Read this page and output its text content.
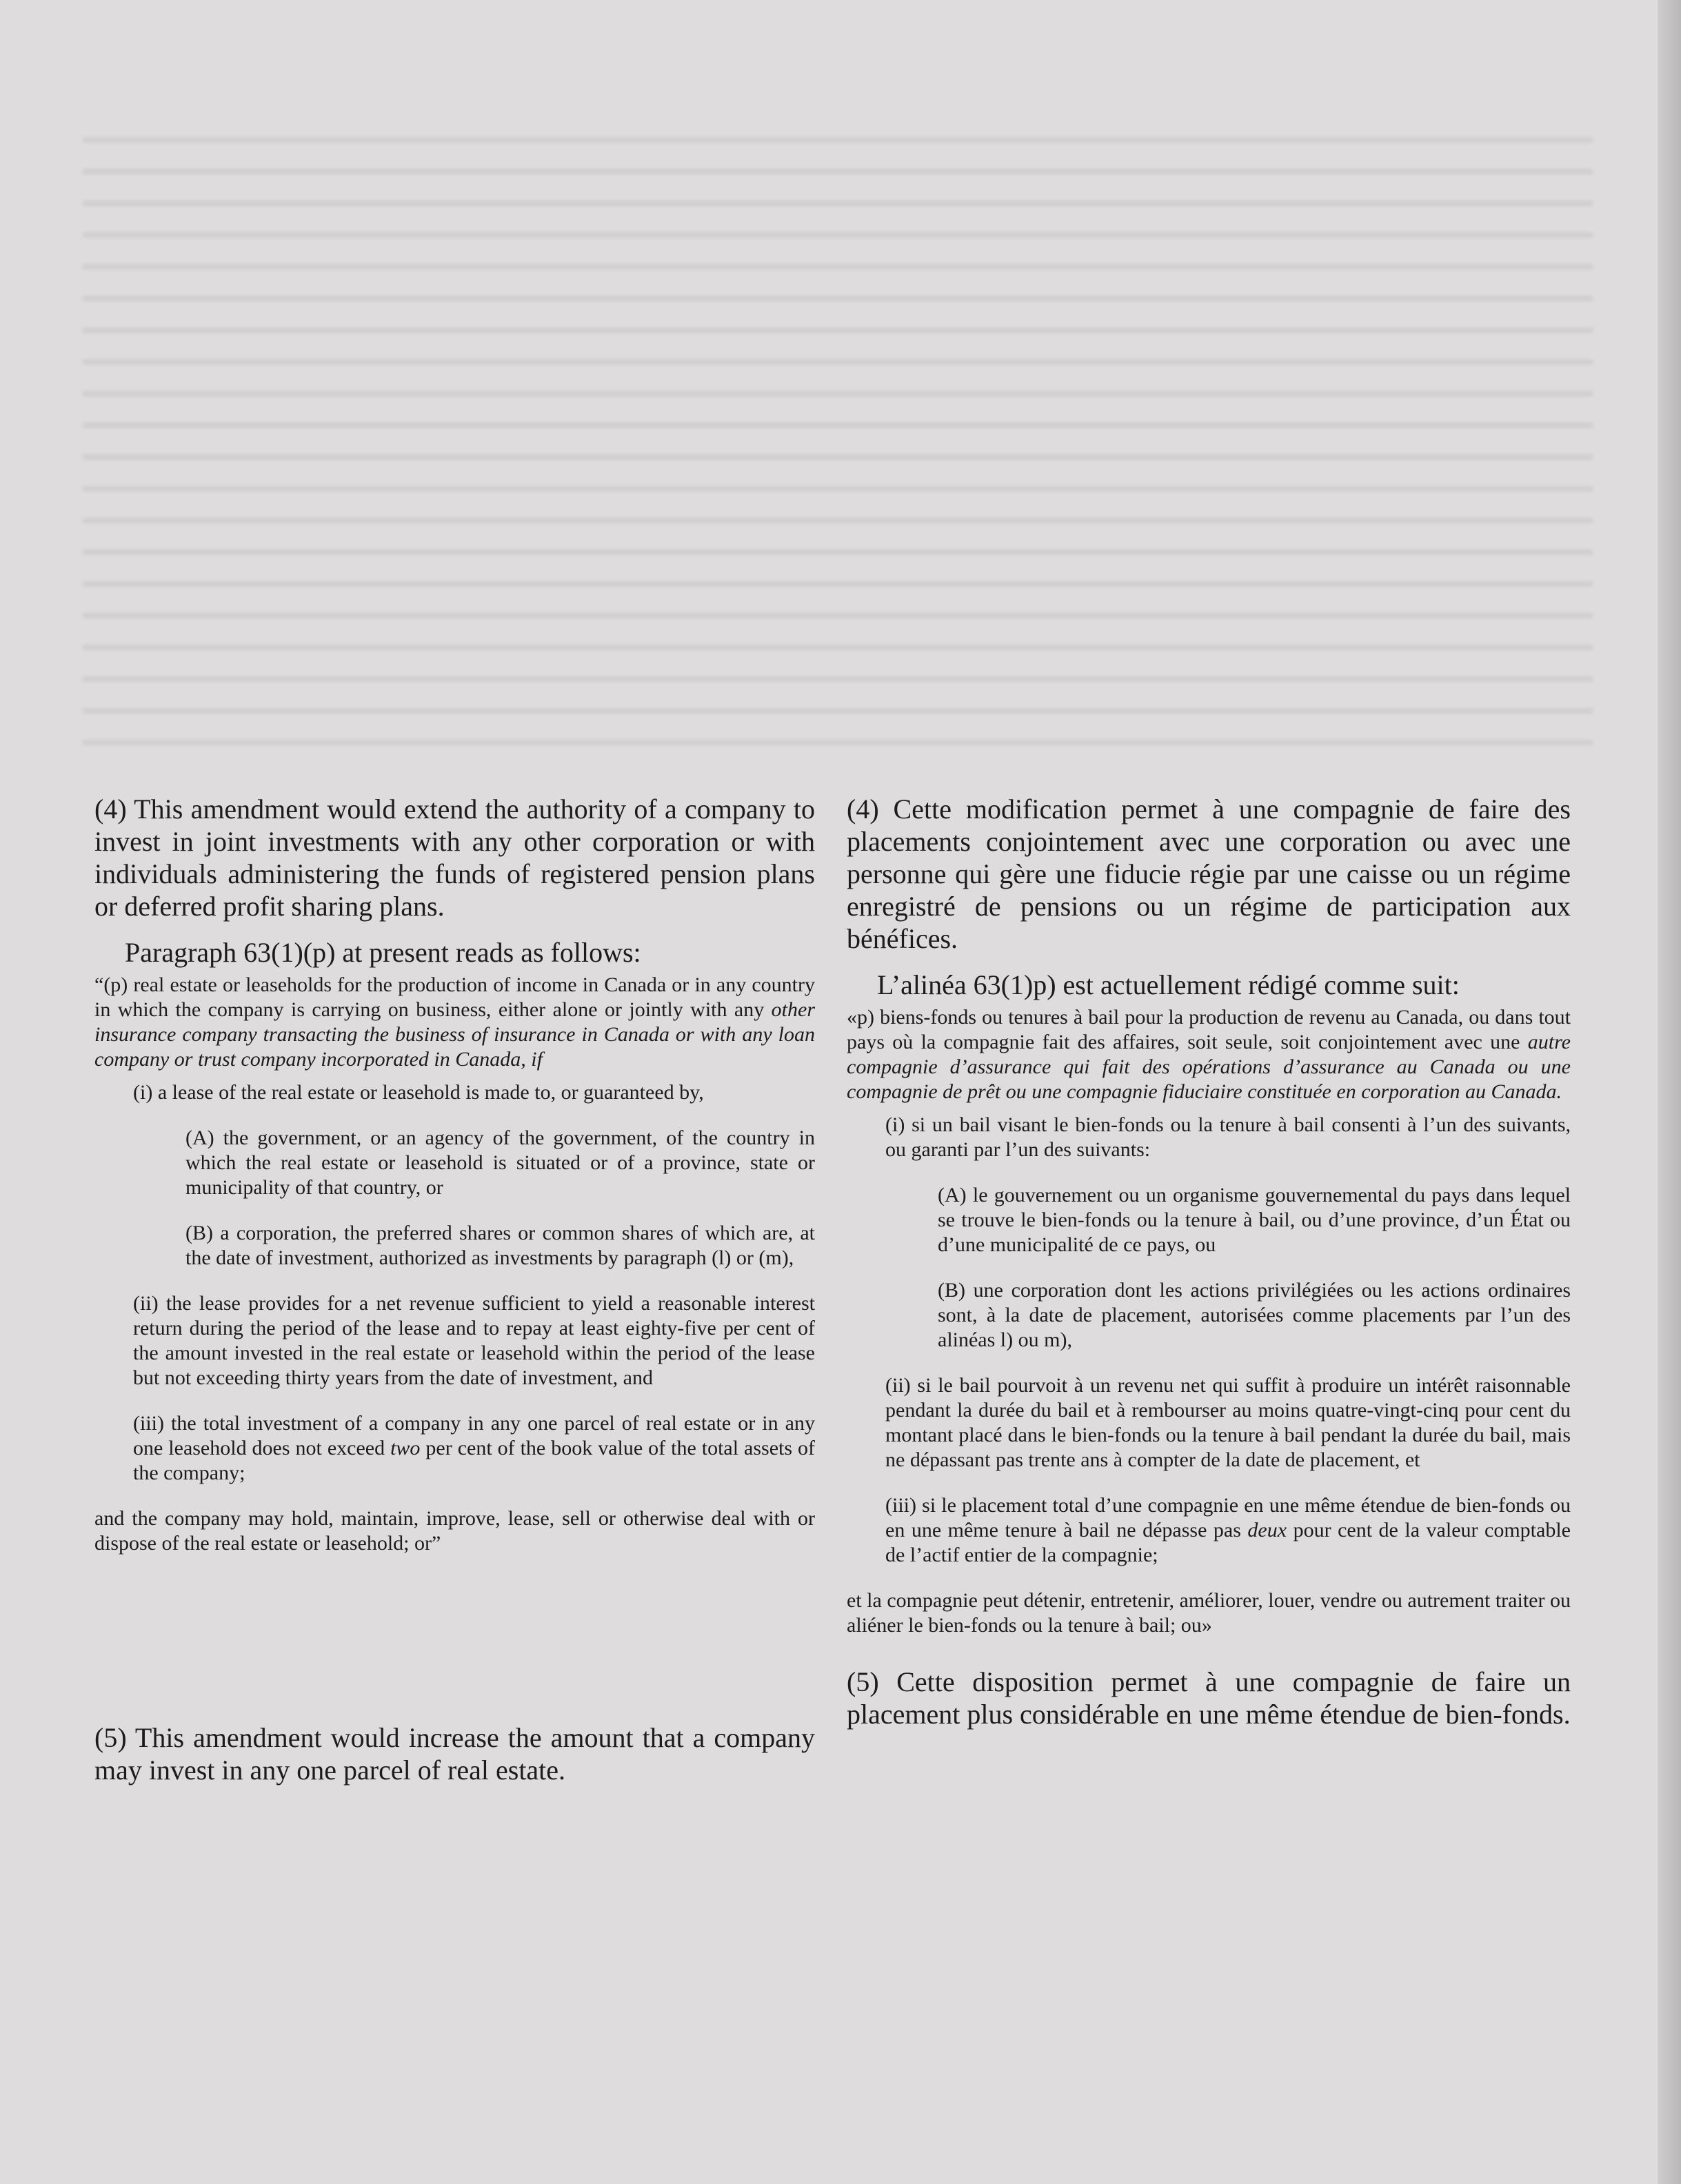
(4) This amendment would extend the authority of a company to invest in joint investments with any other corporation or with individuals administering the funds of registered pension plans or deferred profit sharing plans.

Paragraph 63(1)(p) at present reads as follows:

“(p) real estate or leaseholds for the production of income in Canada or in any country in which the company is carrying on business, either alone or jointly with any other insurance company transacting the business of insurance in Canada or with any loan company or trust company incorporated in Canada, if

(i) a lease of the real estate or leasehold is made to, or guaranteed by,

(A) the government, or an agency of the government, of the country in which the real estate or leasehold is situated or of a province, state or municipality of that country, or

(B) a corporation, the preferred shares or common shares of which are, at the date of investment, authorized as investments by paragraph (l) or (m),

(ii) the lease provides for a net revenue sufficient to yield a reasonable interest return during the period of the lease and to repay at least eighty-five per cent of the amount invested in the real estate or leasehold within the period of the lease but not exceeding thirty years from the date of investment, and

(iii) the total investment of a company in any one parcel of real estate or in any one leasehold does not exceed two per cent of the book value of the total assets of the company;

and the company may hold, maintain, improve, lease, sell or otherwise deal with or dispose of the real estate or leasehold; or”

(5) This amendment would increase the amount that a company may invest in any one parcel of real estate.

(4) Cette modification permet à une compagnie de faire des placements conjointement avec une corporation ou avec une personne qui gère une fiducie régie par une caisse ou un régime enregistré de pensions ou un régime de participation aux bénéfices.

L’alinéa 63(1)p) est actuellement rédigé comme suit:

«p) biens-fonds ou tenures à bail pour la production de revenu au Canada, ou dans tout pays où la compagnie fait des affaires, soit seule, soit conjointement avec une autre compagnie d’assurance qui fait des opérations d’assurance au Canada ou une compagnie de prêt ou une compagnie fiduciaire constituée en corporation au Canada.

(i) si un bail visant le bien-fonds ou la tenure à bail consenti à l’un des suivants, ou garanti par l’un des suivants:

(A) le gouvernement ou un organisme gouvernemental du pays dans lequel se trouve le bien-fonds ou la tenure à bail, ou d’une province, d’un État ou d’une municipalité de ce pays, ou

(B) une corporation dont les actions privilégiées ou les actions ordinaires sont, à la date de placement, autorisées comme placements par l’un des alinéas l) ou m),

(ii) si le bail pourvoit à un revenu net qui suffit à produire un intérêt raisonnable pendant la durée du bail et à rembourser au moins quatre-vingt-cinq pour cent du montant placé dans le bien-fonds ou la tenure à bail pendant la durée du bail, mais ne dépassant pas trente ans à compter de la date de placement, et

(iii) si le placement total d’une compagnie en une même étendue de bien-fonds ou en une même tenure à bail ne dépasse pas deux pour cent de la valeur comptable de l’actif entier de la compagnie;

et la compagnie peut détenir, entretenir, améliorer, louer, vendre ou autrement traiter ou aliéner le bien-fonds ou la tenure à bail; ou»

(5) Cette disposition permet à une compagnie de faire un placement plus considérable en une même étendue de bien-fonds.
